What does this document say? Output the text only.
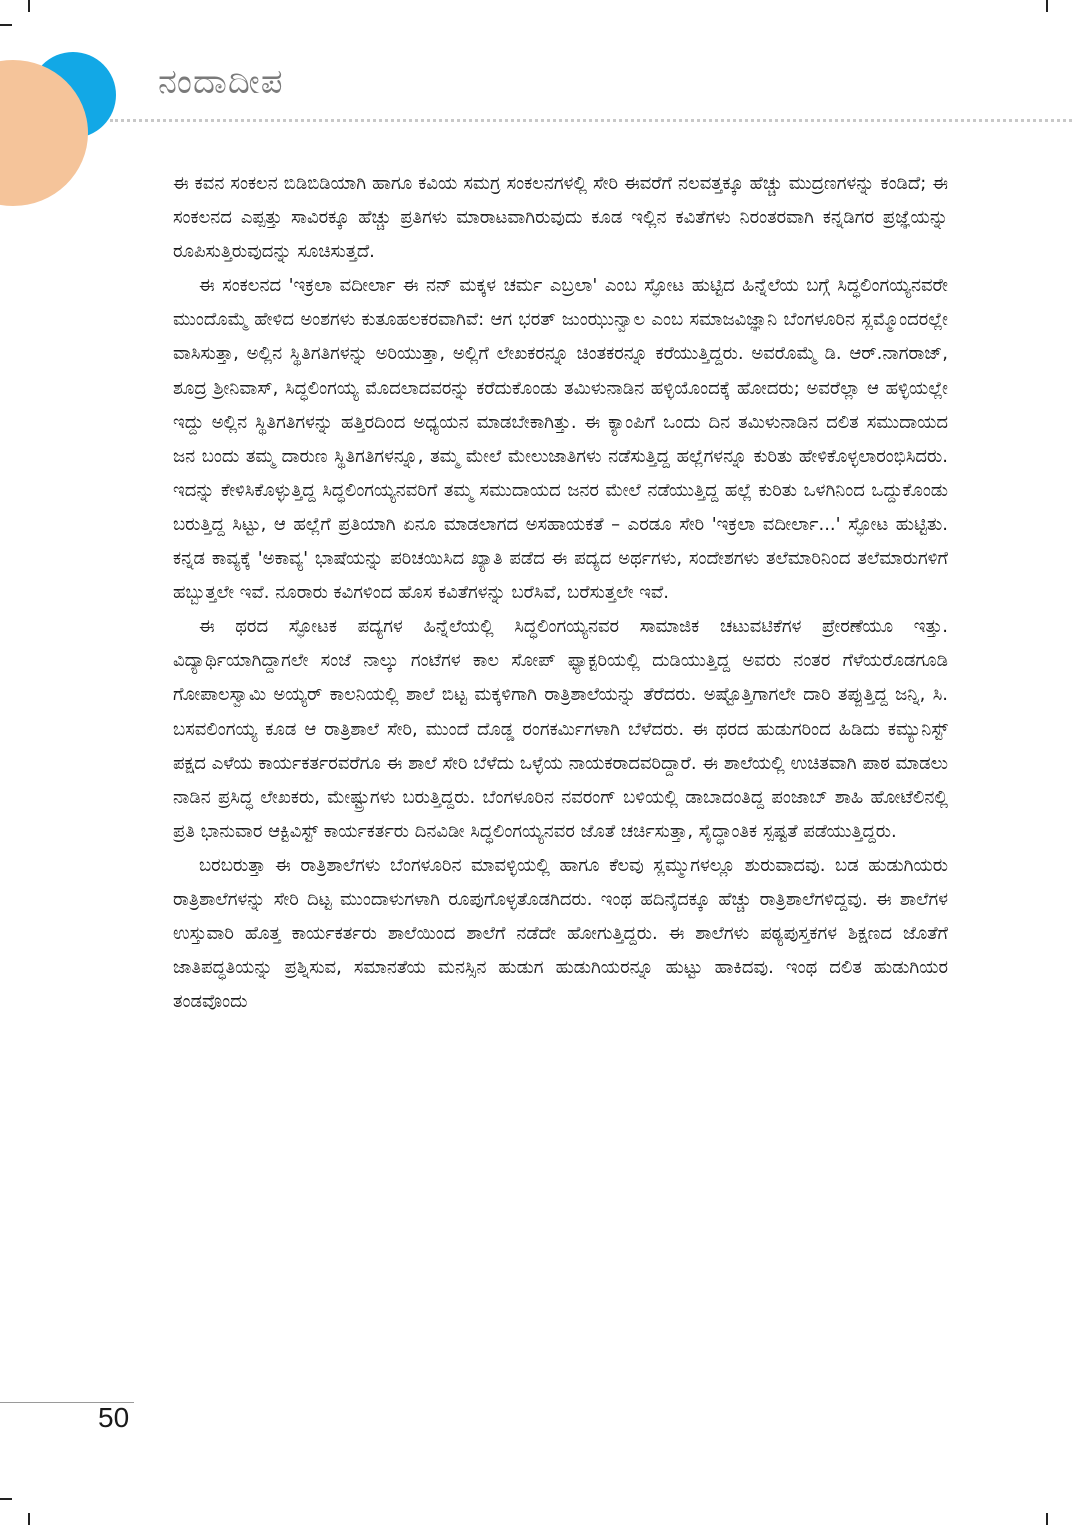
ನಂದಾದೀಪ

ಈ ಕವನ ಸಂಕಲನ ಬಿಡಿಬಿಡಿಯಾಗಿ ಹಾಗೂ ಕವಿಯ ಸಮಗ್ರ ಸಂಕಲನಗಳಲ್ಲಿ ಸೇರಿ ಈವರೆಗೆ ನಲವತ್ತಕ್ಕೂ ಹೆಚ್ಚು ಮುದ್ರಣಗಳನ್ನು ಕಂಡಿದೆ; ಈ ಸಂಕಲನದ ಎಪ್ಪತ್ತು ಸಾವಿರಕ್ಕೂ ಹೆಚ್ಚು ಪ್ರತಿಗಳು ಮಾರಾಟವಾಗಿರುವುದು ಕೂಡ ಇಲ್ಲಿನ ಕವಿತೆಗಳು ನಿರಂತರವಾಗಿ ಕನ್ನಡಿಗರ ಪ್ರಜ್ಞೆಯನ್ನು ರೂಪಿಸುತ್ತಿರುವುದನ್ನು ಸೂಚಿಸುತ್ತದೆ.

ಈ ಸಂಕಲನದ 'ಇಕ್ರಲಾ ವದೀರ್ಲಾ ಈ ನನ್ ಮಕ್ಕಳ ಚರ್ಮ ಎಬ್ರಲಾ' ಎಂಬ ಸ್ಫೋಟ ಹುಟ್ಟಿದ ಹಿನ್ನೆಲೆಯ ಬಗ್ಗೆ ಸಿದ್ಧಲಿಂಗಯ್ಯನವರೇ ಮುಂದೊಮ್ಮೆ ಹೇಳಿದ ಅಂಶಗಳು ಕುತೂಹಲಕರವಾಗಿವೆ: ಆಗ ಭರತ್ ಜುಂಝುನ್ವಾಲ ಎಂಬ ಸಮಾಜವಿಜ್ಞಾನಿ ಬೆಂಗಳೂರಿನ ಸ್ಲಮ್ಮೊಂದರಲ್ಲೇ ವಾಸಿಸುತ್ತಾ, ಅಲ್ಲಿನ ಸ್ಥಿತಿಗತಿಗಳನ್ನು ಅರಿಯುತ್ತಾ, ಅಲ್ಲಿಗೆ ಲೇಖಕರನ್ನೂ ಚಿಂತಕರನ್ನೂ ಕರೆಯುತ್ತಿದ್ದರು. ಅವರೊಮ್ಮೆ ಡಿ. ಆರ್.ನಾಗರಾಜ್, ಶೂದ್ರ ಶ್ರೀನಿವಾಸ್, ಸಿದ್ಧಲಿಂಗಯ್ಯ ಮೊದಲಾದವರನ್ನು ಕರೆದುಕೊಂಡು ತಮಿಳುನಾಡಿನ ಹಳ್ಳಿಯೊಂದಕ್ಕೆ ಹೋದರು; ಅವರೆಲ್ಲಾ ಆ ಹಳ್ಳಿಯಲ್ಲೇ ಇದ್ದು ಅಲ್ಲಿನ ಸ್ಥಿತಿಗತಿಗಳನ್ನು ಹತ್ತಿರದಿಂದ ಅಧ್ಯಯನ ಮಾಡಬೇಕಾಗಿತ್ತು. ಈ ಕ್ಯಾಂಪಿಗೆ ಒಂದು ದಿನ ತಮಿಳುನಾಡಿನ ದಲಿತ ಸಮುದಾಯದ ಜನ ಬಂದು ತಮ್ಮ ದಾರುಣ ಸ್ಥಿತಿಗತಿಗಳನ್ನೂ, ತಮ್ಮ ಮೇಲೆ ಮೇಲುಜಾತಿಗಳು ನಡೆಸುತ್ತಿದ್ದ ಹಲ್ಲೆಗಳನ್ನೂ ಕುರಿತು ಹೇಳಿಕೊಳ್ಳಲಾರಂಭಿಸಿದರು. ಇದನ್ನು ಕೇಳಿಸಿಕೊಳ್ಳುತ್ತಿದ್ದ ಸಿದ್ಧಲಿಂಗಯ್ಯನವರಿಗೆ ತಮ್ಮ ಸಮುದಾಯದ ಜನರ ಮೇಲೆ ನಡೆಯುತ್ತಿದ್ದ ಹಲ್ಲೆ ಕುರಿತು ಒಳಗಿನಿಂದ ಒದ್ದುಕೊಂಡು ಬರುತ್ತಿದ್ದ ಸಿಟ್ಟು, ಆ ಹಲ್ಲೆಗೆ ಪ್ರತಿಯಾಗಿ ಏನೂ ಮಾಡಲಾಗದ ಅಸಹಾಯಕತೆ – ಎರಡೂ ಸೇರಿ 'ಇಕ್ರಲಾ ವದೀರ್ಲಾ...' ಸ್ಫೋಟ ಹುಟ್ಟಿತು. ಕನ್ನಡ ಕಾವ್ಯಕ್ಕೆ 'ಅಕಾವ್ಯ' ಭಾಷೆಯನ್ನು ಪರಿಚಯಿಸಿದ ಖ್ಯಾತಿ ಪಡೆದ ಈ ಪದ್ಯದ ಅರ್ಥಗಳು, ಸಂದೇಶಗಳು ತಲೆಮಾರಿನಿಂದ ತಲೆಮಾರುಗಳಿಗೆ ಹಬ್ಬುತ್ತಲೇ ಇವೆ. ನೂರಾರು ಕವಿಗಳಿಂದ ಹೊಸ ಕವಿತೆಗಳನ್ನು ಬರೆಸಿವೆ, ಬರೆಸುತ್ತಲೇ ಇವೆ.

ಈ ಥರದ ಸ್ಫೋಟಕ ಪದ್ಯಗಳ ಹಿನ್ನೆಲೆಯಲ್ಲಿ ಸಿದ್ಧಲಿಂಗಯ್ಯನವರ ಸಾಮಾಜಿಕ ಚಟುವಟಿಕೆಗಳ ಪ್ರೇರಣೆಯೂ ಇತ್ತು. ವಿದ್ಯಾರ್ಥಿಯಾಗಿದ್ದಾಗಲೇ ಸಂಜೆ ನಾಲ್ಕು ಗಂಟೆಗಳ ಕಾಲ ಸೋಪ್ ಫ್ಯಾಕ್ಟರಿಯಲ್ಲಿ ದುಡಿಯುತ್ತಿದ್ದ ಅವರು ನಂತರ ಗೆಳೆಯರೊಡಗೂಡಿ ಗೋಪಾಲಸ್ವಾಮಿ ಅಯ್ಯರ್ ಕಾಲನಿಯಲ್ಲಿ ಶಾಲೆ ಬಿಟ್ಟ ಮಕ್ಕಳಿಗಾಗಿ ರಾತ್ರಿಶಾಲೆಯನ್ನು ತೆರೆದರು. ಅಷ್ಟೊತ್ತಿಗಾಗಲೇ ದಾರಿ ತಪ್ಪುತ್ತಿದ್ದ ಜನ್ನಿ, ಸಿ. ಬಸವಲಿಂಗಯ್ಯ ಕೂಡ ಆ ರಾತ್ರಿಶಾಲೆ ಸೇರಿ, ಮುಂದೆ ದೊಡ್ಡ ರಂಗಕರ್ಮಿಗಳಾಗಿ ಬೆಳೆದರು. ಈ ಥರದ ಹುಡುಗರಿಂದ ಹಿಡಿದು ಕಮ್ಯುನಿಸ್ಟ್ ಪಕ್ಷದ ಎಳೆಯ ಕಾರ್ಯಕರ್ತರವರೆಗೂ ಈ ಶಾಲೆ ಸೇರಿ ಬೆಳೆದು ಒಳ್ಳೆಯ ನಾಯಕರಾದವರಿದ್ದಾರೆ. ಈ ಶಾಲೆಯಲ್ಲಿ ಉಚಿತವಾಗಿ ಪಾಠ ಮಾಡಲು ನಾಡಿನ ಪ್ರಸಿದ್ಧ ಲೇಖಕರು, ಮೇಷ್ಟ್ರುಗಳು ಬರುತ್ತಿದ್ದರು. ಬೆಂಗಳೂರಿನ ನವರಂಗ್ ಬಳಿಯಲ್ಲಿ ಡಾಬಾದಂತಿದ್ದ ಪಂಜಾಬ್ ಶಾಹಿ ಹೋಟೆಲಿನಲ್ಲಿ ಪ್ರತಿ ಭಾನುವಾರ ಆಕ್ಟಿವಿಸ್ಟ್ ಕಾರ್ಯಕರ್ತರು ದಿನವಿಡೀ ಸಿದ್ಧಲಿಂಗಯ್ಯನವರ ಜೊತೆ ಚರ್ಚಿಸುತ್ತಾ, ಸೈದ್ಧಾಂತಿಕ ಸ್ಪಷ್ಟತೆ ಪಡೆಯುತ್ತಿದ್ದರು.

ಬರಬರುತ್ತಾ ಈ ರಾತ್ರಿಶಾಲೆಗಳು ಬೆಂಗಳೂರಿನ ಮಾವಳ್ಳಿಯಲ್ಲಿ ಹಾಗೂ ಕೆಲವು ಸ್ಲಮ್ಮುಗಳಲ್ಲೂ ಶುರುವಾದವು. ಬಡ ಹುಡುಗಿಯರು ರಾತ್ರಿಶಾಲೆಗಳನ್ನು ಸೇರಿ ದಿಟ್ಟ ಮುಂದಾಳುಗಳಾಗಿ ರೂಪುಗೊಳ್ಳತೊಡಗಿದರು. ಇಂಥ ಹದಿನೈದಕ್ಕೂ ಹೆಚ್ಚು ರಾತ್ರಿಶಾಲೆಗಳಿದ್ದವು. ಈ ಶಾಲೆಗಳ ಉಸ್ತುವಾರಿ ಹೊತ್ತ ಕಾರ್ಯಕರ್ತರು ಶಾಲೆಯಿಂದ ಶಾಲೆಗೆ ನಡೆದೇ ಹೋಗುತ್ತಿದ್ದರು. ಈ ಶಾಲೆಗಳು ಪಠ್ಯಪುಸ್ತಕಗಳ ಶಿಕ್ಷಣದ ಜೊತೆಗೆ ಜಾತಿಪದ್ಧತಿಯನ್ನು ಪ್ರಶ್ನಿಸುವ, ಸಮಾನತೆಯ ಮನಸ್ಸಿನ ಹುಡುಗ ಹುಡುಗಿಯರನ್ನೂ ಹುಟ್ಟು ಹಾಕಿದವು. ಇಂಥ ದಲಿತ ಹುಡುಗಿಯರ ತಂಡವೊಂದು

50
